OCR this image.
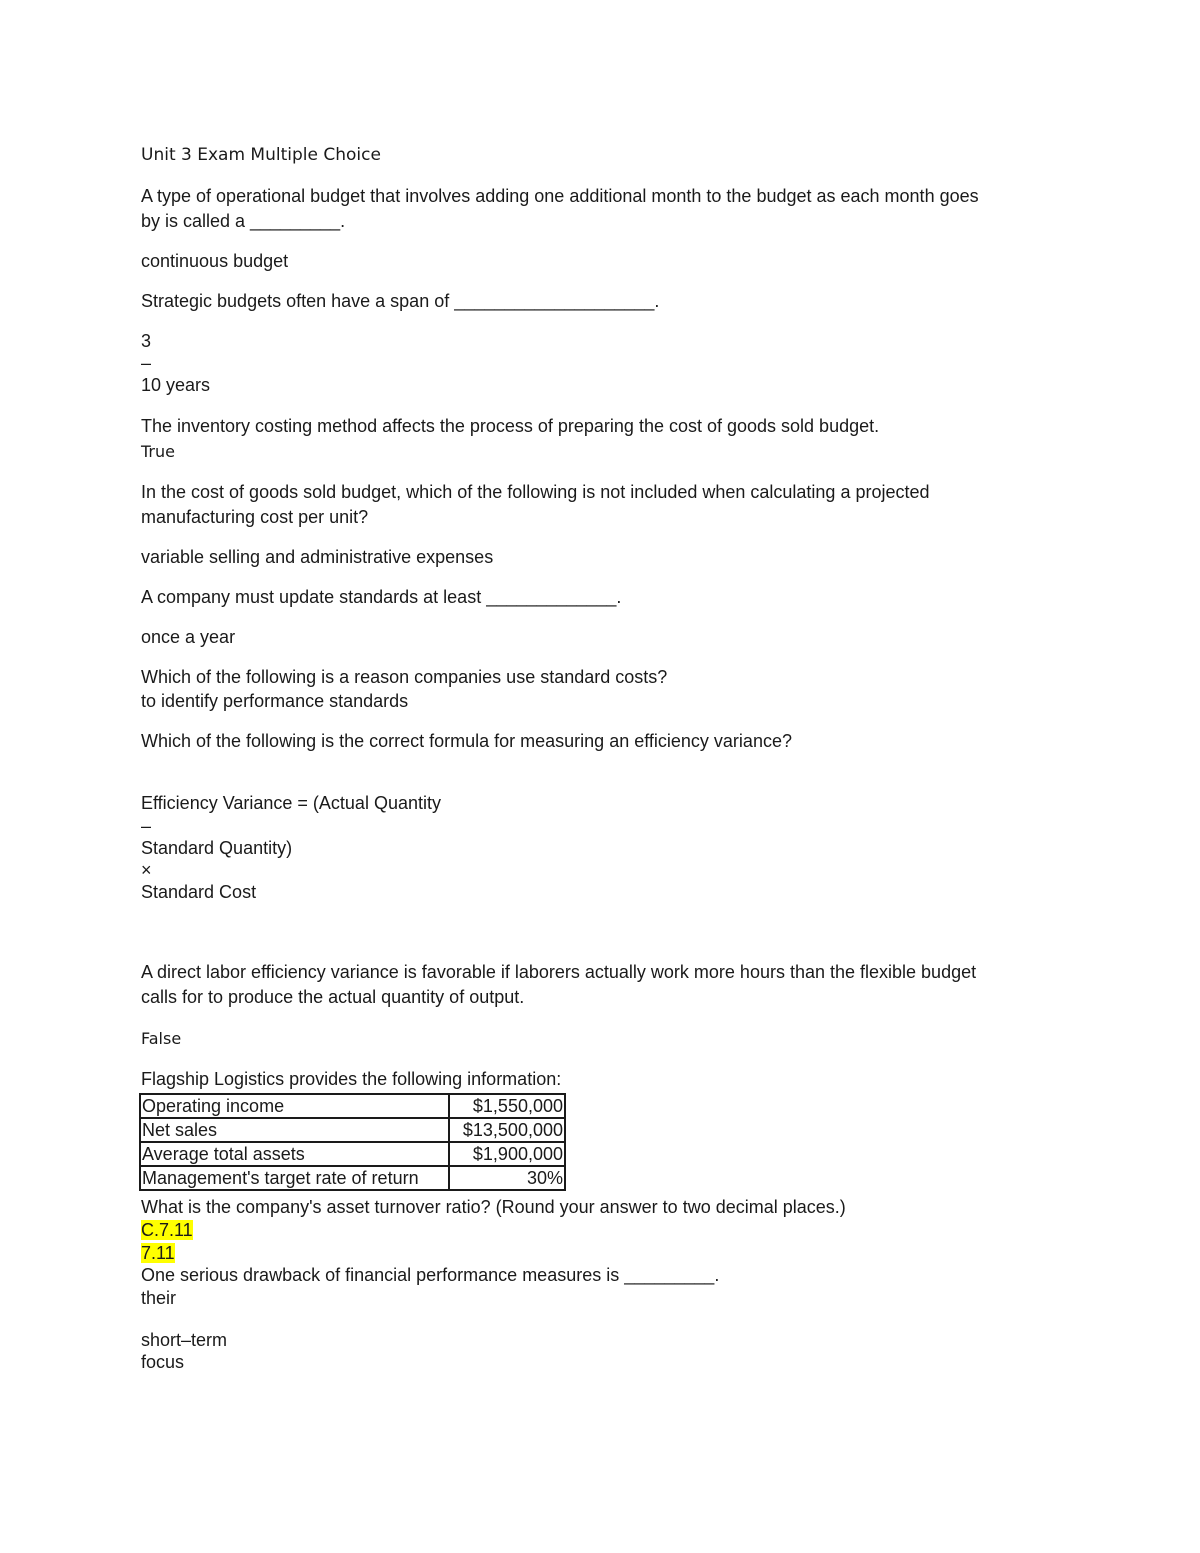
Unit 3 Exam Multiple Choice
A type of operational budget that involves adding one additional month to the budget as each month goes
by is called a _________.
continuous budget
Strategic budgets often have a span of ____________________.
3
–
10 years
The inventory costing method affects the process of preparing the cost of goods sold budget.
True
In the cost of goods sold budget, which of the following is not included when calculating a projected
manufacturing cost per unit?
variable selling and administrative expenses
A company must update standards at least _____________.
once a year
Which of the following is a reason companies use standard costs?
to identify performance standards
Which of the following is the correct formula for measuring an efficiency variance?
Efficiency Variance = (Actual Quantity
–
Standard Quantity)
×
Standard Cost
A direct labor efficiency variance is favorable if laborers actually work more hours than the flexible budget
calls for to produce the actual quantity of output.
False
Flagship Logistics provides the following information:
Operating income	$1,550,000
Net sales	$13,500,000
Average total assets	$1,900,000
Management's target rate of return	30%
What is the company's asset turnover ratio? (Round your answer to two decimal places.)
C.7.11
7.11
One serious drawback of financial performance measures is _________.
their
short–term
focus
